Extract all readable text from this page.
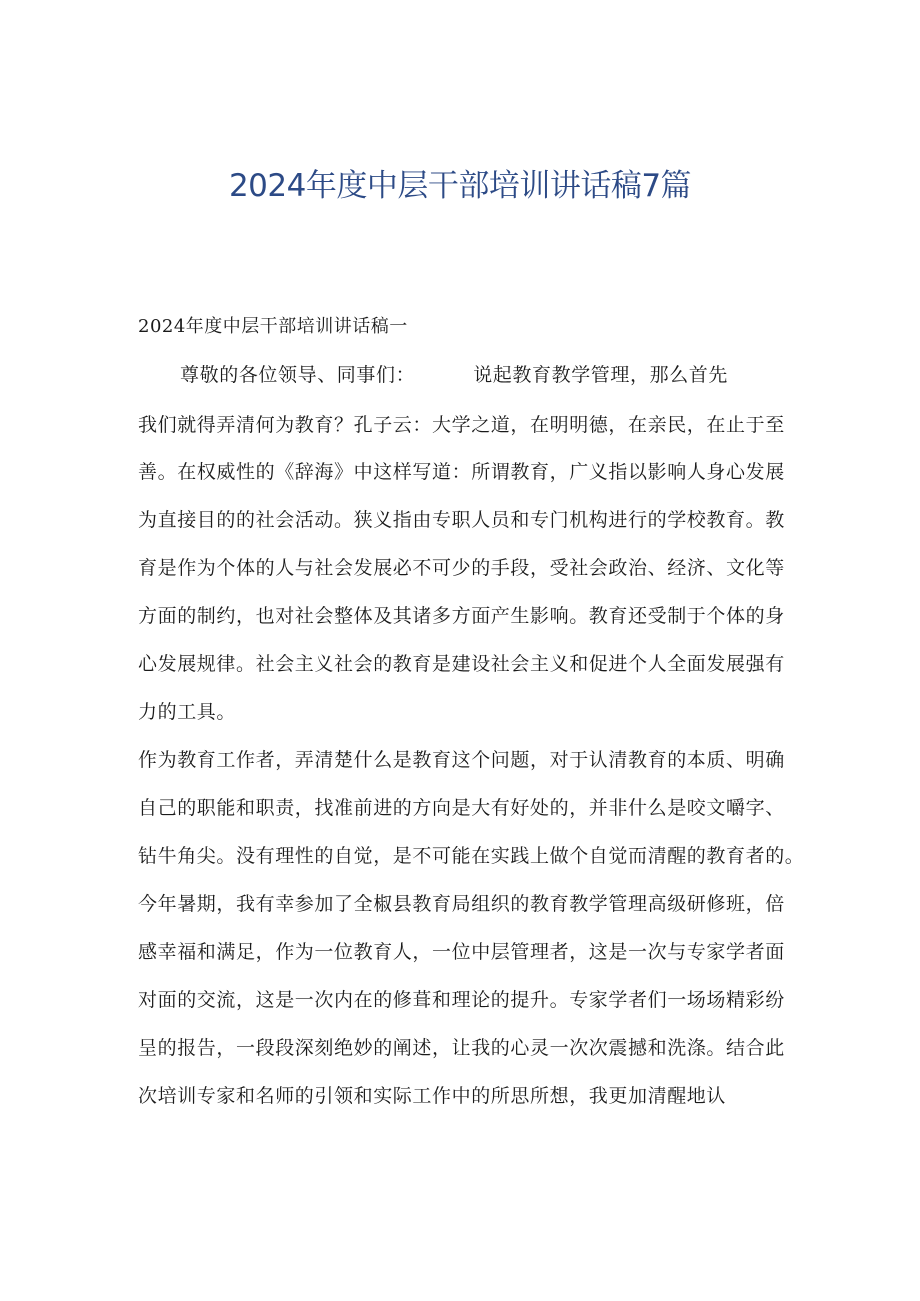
2024年度中层干部培训讲话稿7篇

2024年度中层干部培训讲话稿一

尊敬的各位领导、同事们：	说起教育教学管理，那么首先

我们就得弄清何为教育？孔子云：大学之道，在明明德，在亲民，在止于至

善。在权威性的《辞海》中这样写道：所谓教育，广义指以影响人身心发展

为直接目的的社会活动。狭义指由专职人员和专门机构进行的学校教育。教

育是作为个体的人与社会发展必不可少的手段，受社会政治、经济、文化等

方面的制约，也对社会整体及其诸多方面产生影响。教育还受制于个体的身

心发展规律。社会主义社会的教育是建设社会主义和促进个人全面发展强有

力的工具。

作为教育工作者，弄清楚什么是教育这个问题，对于认清教育的本质、明确

自己的职能和职责，找准前进的方向是大有好处的，并非什么是咬文嚼字、

钻牛角尖。没有理性的自觉，是不可能在实践上做个自觉而清醒的教育者的。

今年暑期，我有幸参加了全椒县教育局组织的教育教学管理高级研修班，倍

感幸福和满足，作为一位教育人，一位中层管理者，这是一次与专家学者面

对面的交流，这是一次内在的修葺和理论的提升。专家学者们一场场精彩纷

呈的报告，一段段深刻绝妙的阐述，让我的心灵一次次震撼和洗涤。结合此

次培训专家和名师的引领和实际工作中的所思所想，我更加清醒地认
